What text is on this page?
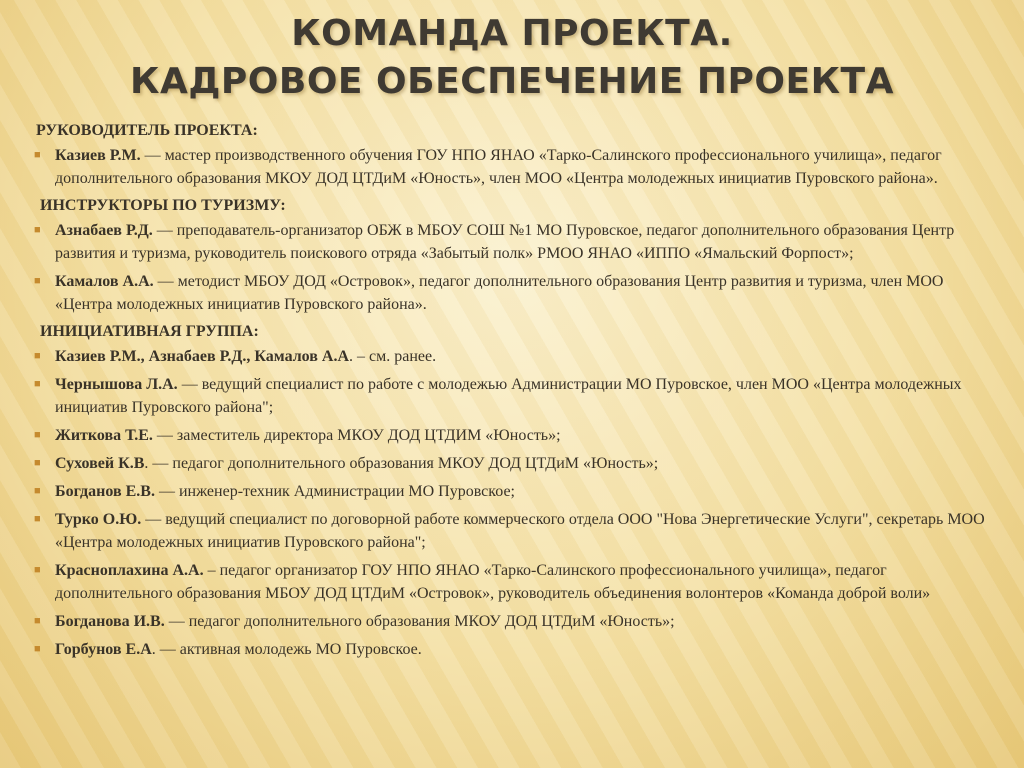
КОМАНДА ПРОЕКТА.
КАДРОВОЕ ОБЕСПЕЧЕНИЕ ПРОЕКТА
РУКОВОДИТЕЛЬ ПРОЕКТА:
■ Казиев Р.М. — мастер производственного обучения ГОУ НПО ЯНАО «Тарко-Салинского профессионального училища», педагог дополнительного образования МКОУ ДОД ЦТДиМ «Юность», член МОО «Центра молодежных инициатив Пуровского района».
ИНСТРУКТОРЫ ПО ТУРИЗМУ:
■ Азнабаев Р.Д. — преподаватель-организатор ОБЖ в МБОУ СОШ №1 МО Пуровское, педагог дополнительного образования Центр развития и туризма, руководитель поискового отряда «Забытый полк» РМОО ЯНАО «ИППО «Ямальский Форпост»;
■ Камалов А.А. — методист МБОУ ДОД «Островок», педагог дополнительного образования Центр развития и туризма, член МОО «Центра молодежных инициатив Пуровского района».
ИНИЦИАТИВНАЯ ГРУППА:
■ Казиев Р.М., Азнабаев Р.Д., Камалов А.А. – см. ранее.
■ Чернышова Л.А. — ведущий специалист по работе с молодежью Администрации МО Пуровское, член МОО «Центра молодежных инициатив Пуровского района";
■ Житкова Т.Е. — заместитель директора МКОУ ДОД ЦТДИМ «Юность»;
■ Суховей К.В. — педагог дополнительного образования МКОУ ДОД ЦТДиМ «Юность»;
■ Богданов Е.В. — инженер-техник Администрации МО Пуровское;
■ Турко О.Ю. — ведущий специалист по договорной работе коммерческого отдела ООО "Нова Энергетические Услуги", секретарь МОО «Центра молодежных инициатив Пуровского района";
■ Красноплахина А.А. – педагог организатор ГОУ НПО ЯНАО «Тарко-Салинского профессионального училища», педагог дополнительного образования МБОУ ДОД ЦТДиМ «Островок», руководитель объединения волонтеров «Команда доброй воли»
■ Богданова И.В. — педагог дополнительного образования МКОУ ДОД ЦТДиМ «Юность»;
■ Горбунов Е.А. — активная молодежь МО Пуровское.
